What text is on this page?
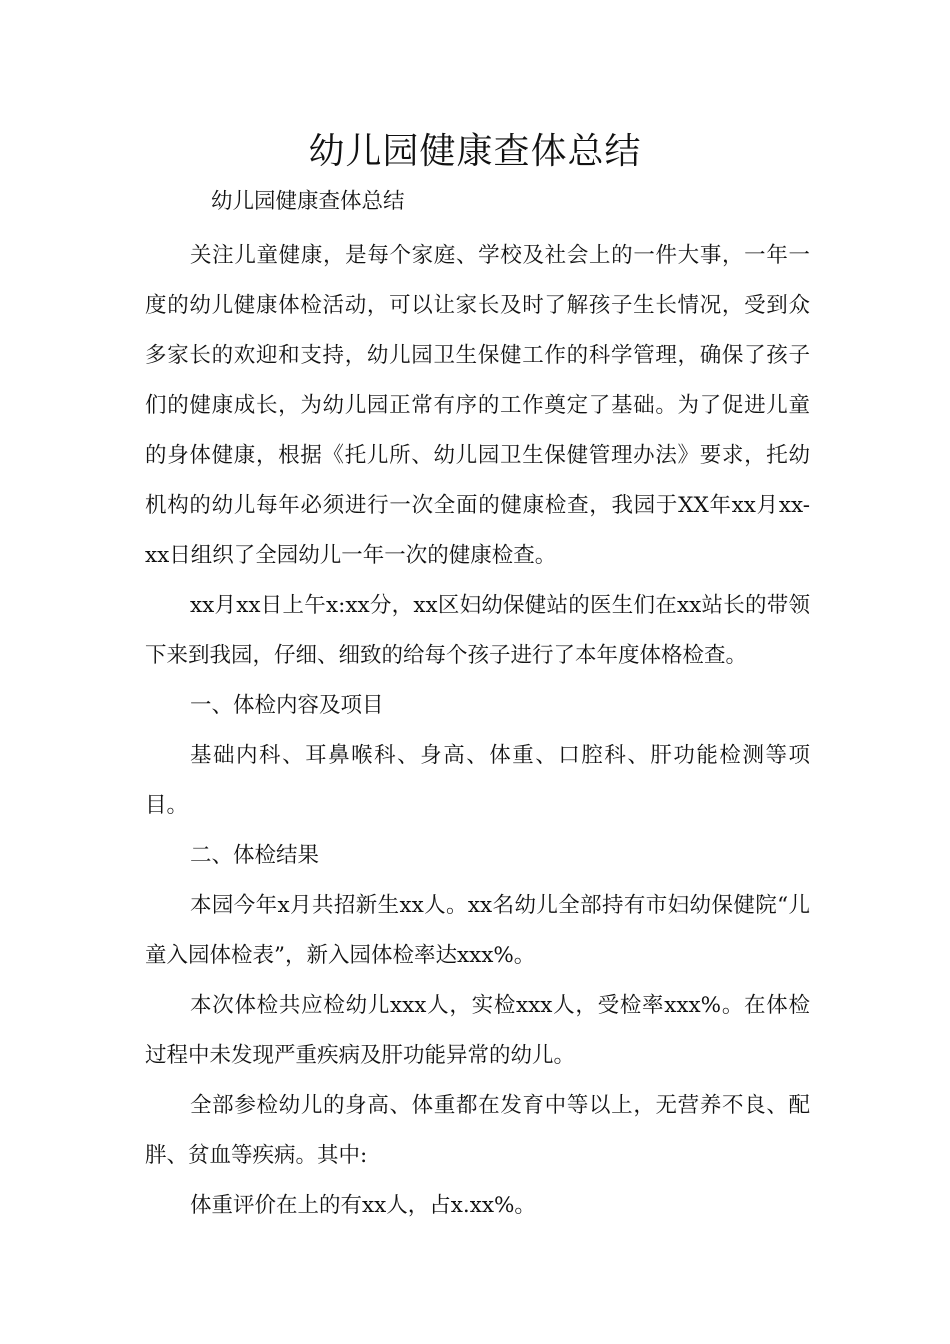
幼儿园健康查体总结

幼儿园健康查体总结

关注儿童健康，是每个家庭、学校及社会上的一件大事，一年一度的幼儿健康体检活动，可以让家长及时了解孩子生长情况，受到众多家长的欢迎和支持，幼儿园卫生保健工作的科学管理，确保了孩子们的健康成长，为幼儿园正常有序的工作奠定了基础。为了促进儿童的身体健康，根据《托儿所、幼儿园卫生保健管理办法》要求，托幼机构的幼儿每年必须进行一次全面的健康检查，我园于XX年xx月xx-xx日组织了全园幼儿一年一次的健康检查。

xx月xx日上午x:xx分，xx区妇幼保健站的医生们在xx站长的带领下来到我园，仔细、细致的给每个孩子进行了本年度体格检查。

一、体检内容及项目

基础内科、耳鼻喉科、身高、体重、口腔科、肝功能检测等项目。

二、体检结果

本园今年x月共招新生xx人。xx名幼儿全部持有市妇幼保健院“儿童入园体检表”，新入园体检率达xxx%。

本次体检共应检幼儿xxx人，实检xxx人，受检率xxx%。在体检过程中未发现严重疾病及肝功能异常的幼儿。

全部参检幼儿的身高、体重都在发育中等以上，无营养不良、配胖、贫血等疾病。其中:

体重评价在上的有xx人，占x.xx%。
